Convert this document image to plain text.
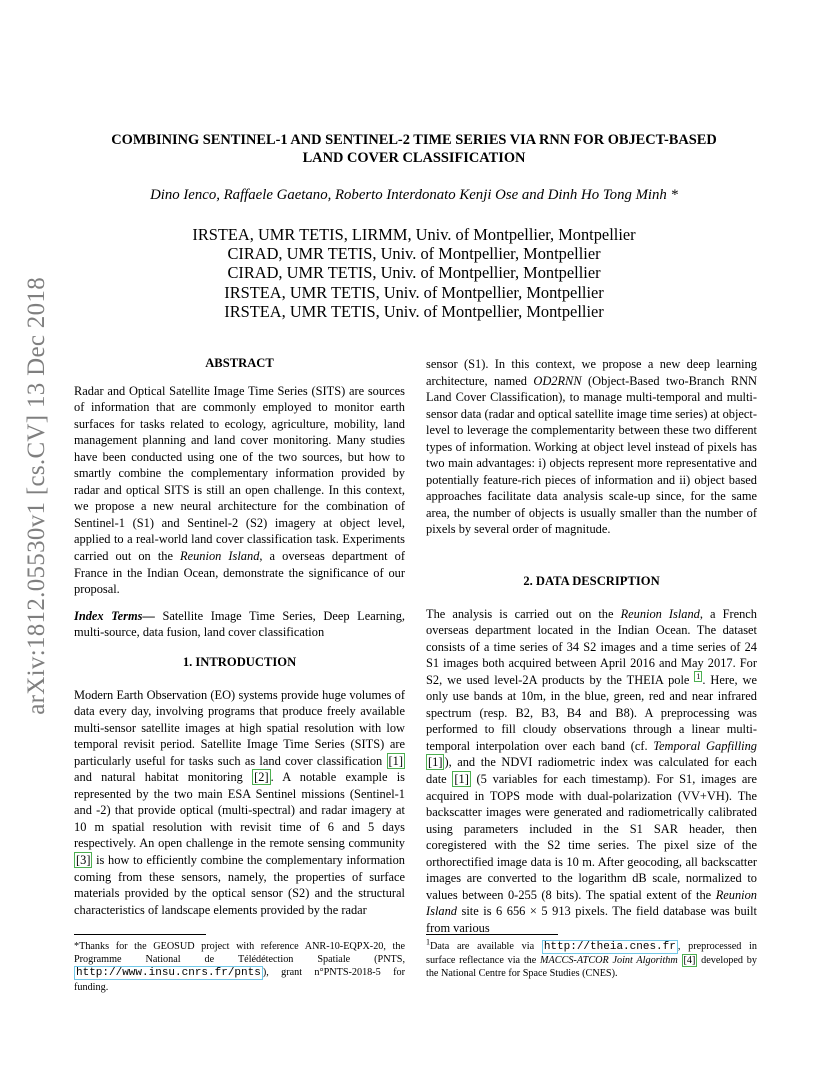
arXiv:1812.05530v1 [cs.CV] 13 Dec 2018
COMBINING SENTINEL-1 AND SENTINEL-2 TIME SERIES VIA RNN FOR OBJECT-BASED
LAND COVER CLASSIFICATION
Dino Ienco, Raffaele Gaetano, Roberto Interdonato Kenji Ose and Dinh Ho Tong Minh *
IRSTEA, UMR TETIS, LIRMM, Univ. of Montpellier, Montpellier
CIRAD, UMR TETIS, Univ. of Montpellier, Montpellier
CIRAD, UMR TETIS, Univ. of Montpellier, Montpellier
IRSTEA, UMR TETIS, Univ. of Montpellier, Montpellier
IRSTEA, UMR TETIS, Univ. of Montpellier, Montpellier
ABSTRACT

Radar and Optical Satellite Image Time Series (SITS) are sources of information that are commonly employed to monitor earth surfaces for tasks related to ecology, agriculture, mobility, land management planning and land cover monitoring. Many studies have been conducted using one of the two sources, but how to smartly combine the complementary information provided by radar and optical SITS is still an open challenge. In this context, we propose a new neural architecture for the combination of Sentinel-1 (S1) and Sentinel-2 (S2) imagery at object level, applied to a real-world land cover classification task. Experiments carried out on the Reunion Island, a overseas department of France in the Indian Ocean, demonstrate the significance of our proposal.

Index Terms— Satellite Image Time Series, Deep Learning, multi-source, data fusion, land cover classification

1. INTRODUCTION

Modern Earth Observation (EO) systems provide huge volumes of data every day, involving programs that produce freely available multi-sensor satellite images at high spatial resolution with low temporal revisit period. Satellite Image Time Series (SITS) are particularly useful for tasks such as land cover classification [1] and natural habitat monitoring [2] . A notable example is represented by the two main ESA Sentinel missions (Sentinel-1 and -2) that provide optical (multi-spectral) and radar imagery at 10 m spatial resolution with revisit time of 6 and 5 days respectively. An open challenge in the remote sensing community [3] is how to efficiently combine the complementary information coming from these sensors, namely, the properties of surface materials provided by the optical sensor (S2) and the structural characteristics of landscape elements provided by the radar

*Thanks for the GEOSUD project with reference ANR-10-EQPX-20, the Programme National de Télédétection Spatiale (PNTS, http://www.insu.cnrs.fr/pnts ), grant n°PNTS-2018-5 for funding.

sensor (S1). In this context, we propose a new deep learning architecture, named OD2RNN (Object-Based two-Branch RNN Land Cover Classification), to manage multi-temporal and multi-sensor data (radar and optical satellite image time series) at object-level to leverage the complementarity between these two different types of information. Working at object level instead of pixels has two main advantages: i) objects represent more representative and potentially feature-rich pieces of information and ii) object based approaches facilitate data analysis scale-up since, for the same area, the number of objects is usually smaller than the number of pixels by several order of magnitude.

2. DATA DESCRIPTION

The analysis is carried out on the Reunion Island, a French overseas department located in the Indian Ocean. The dataset consists of a time series of 34 S2 images and a time series of 24 S1 images both acquired between April 2016 and May 2017. For S2, we used level-2A products by the THEIA pole $^1$ . Here, we only use bands at 10m, in the blue, green, red and near infrared spectrum (resp. B2, B3, B4 and B8). A preprocessing was performed to fill cloudy observations through a linear multi-temporal interpolation over each band (cf. Temporal Gapfilling [1] ), and the NDVI radiometric index was calculated for each date [1] (5 variables for each timestamp). For S1, images are acquired in TOPS mode with dual-polarization (VV+VH). The backscatter images were generated and radiometrically calibrated using parameters included in the S1 SAR header, then coregistered with the S2 time series. The pixel size of the orthorectified image data is 10 m. After geocoding, all backscatter images are converted to the logarithm dB scale, normalized to values between 0-255 (8 bits). The spatial extent of the Reunion Island site is 6 656 × 5 913 pixels. The field database was built from various

$^1$Data are available via http://theia.cnes.fr , preprocessed in surface reflectance via the MACCS-ATCOR Joint Algorithm [4] developed by the National Centre for Space Studies (CNES).
